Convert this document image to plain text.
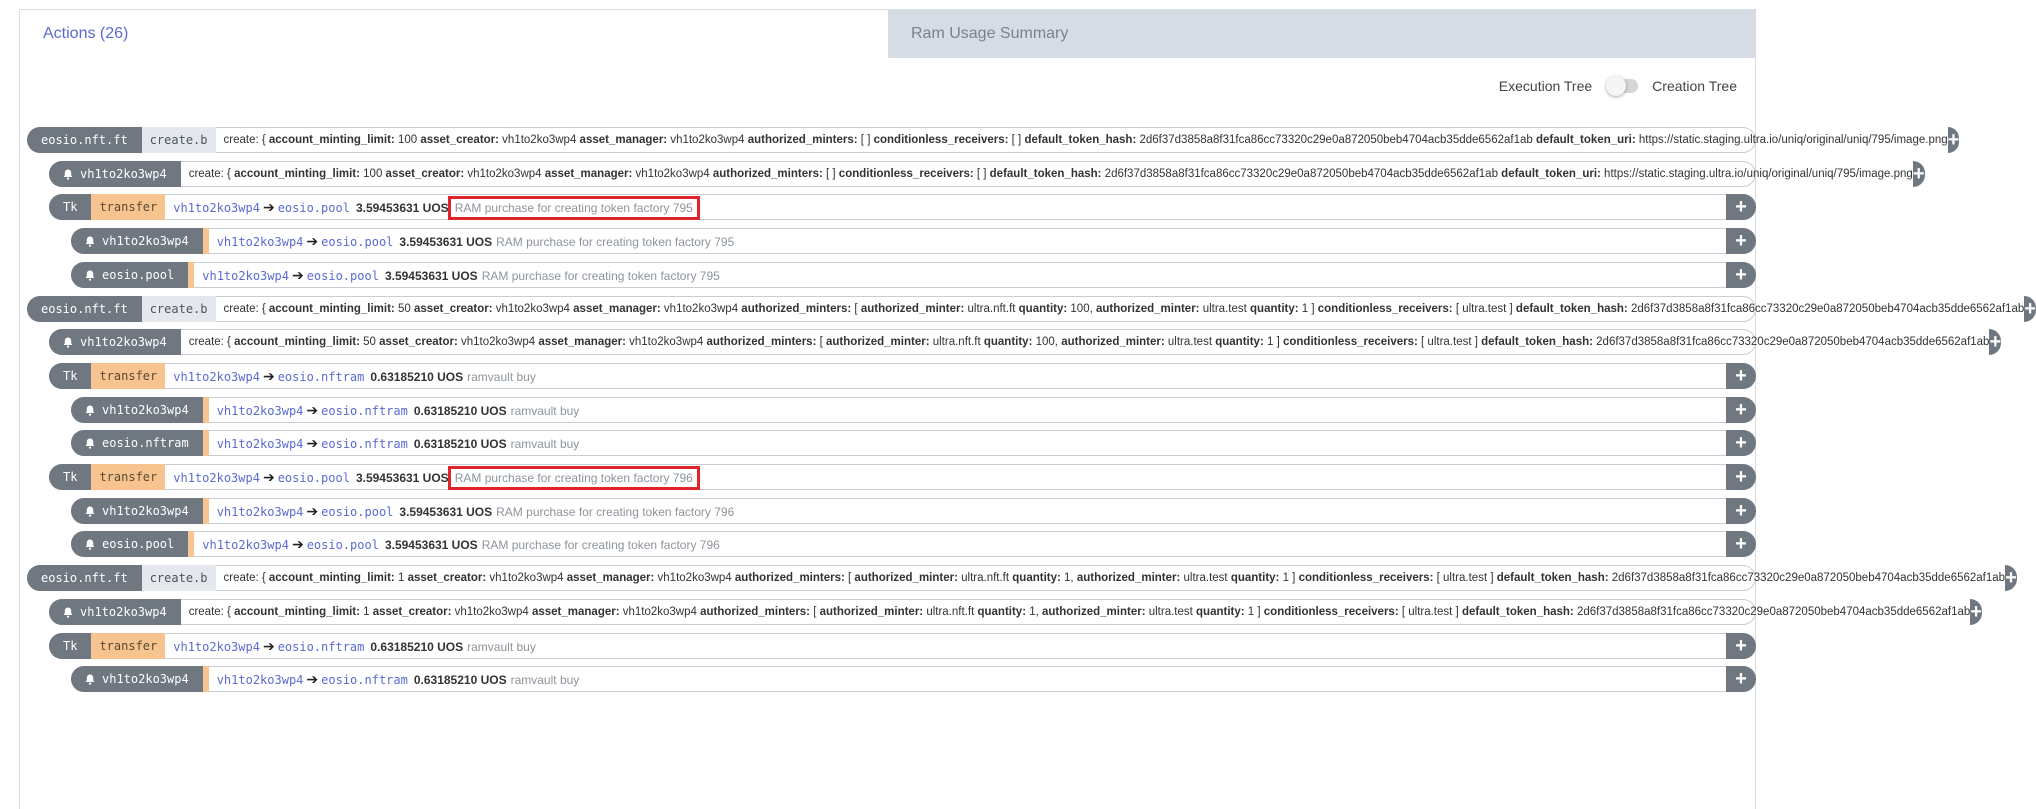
Actions (26)	Ram Usage Summary
Execution Tree	Creation Tree
eosio.nft.ft	create.b	create: { account_minting_limit: 100 asset_creator: vh1to2ko3wp4 asset_manager: vh1to2ko3wp4 authorized_minters: [ ] conditionless_receivers: [ ] default_token_hash: 2d6f37d3858a8f31fca86cc73320c29e0a872050beb4704acb35dde6562af1ab default_token_uri: https://static.staging.ultra.io/uniq/original/uniq/795/image.png +
vh1to2ko3wp4	create: { account_minting_limit: 100 asset_creator: vh1to2ko3wp4 asset_manager: vh1to2ko3wp4 authorized_minters: [ ] conditionless_receivers: [ ] default_token_hash: 2d6f37d3858a8f31fca86cc73320c29e0a872050beb4704acb35dde6562af1ab default_token_uri: https://static.staging.ultra.io/uniq/original/uniq/795/image.png +
Tk	transfer	vh1to2ko3wp4 ➔ eosio.pool 3.59453631 UOS RAM purchase for creating token factory 795	+
vh1to2ko3wp4	vh1to2ko3wp4 ➔ eosio.pool 3.59453631 UOS RAM purchase for creating token factory 795	+
eosio.pool	vh1to2ko3wp4 ➔ eosio.pool 3.59453631 UOS RAM purchase for creating token factory 795	+
eosio.nft.ft	create.b	create: { account_minting_limit: 50 asset_creator: vh1to2ko3wp4 asset_manager: vh1to2ko3wp4 authorized_minters: [ authorized_minter: ultra.nft.ft quantity: 100, authorized_minter: ultra.test quantity: 1 ] conditionless_receivers: [ ultra.test ] default_token_hash: 2d6f37d3858a8f31fca86cc73320c29e0a872050beb4704acb35dde6562af1ab +
vh1to2ko3wp4	create: { account_minting_limit: 50 asset_creator: vh1to2ko3wp4 asset_manager: vh1to2ko3wp4 authorized_minters: [ authorized_minter: ultra.nft.ft quantity: 100, authorized_minter: ultra.test quantity: 1 ] conditionless_receivers: [ ultra.test ] default_token_hash: 2d6f37d3858a8f31fca86cc73320c29e0a872050beb4704acb35dde6562af1ab +
Tk	transfer	vh1to2ko3wp4 ➔ eosio.nftram 0.63185210 UOS ramvault buy	+
vh1to2ko3wp4	vh1to2ko3wp4 ➔ eosio.nftram 0.63185210 UOS ramvault buy	+
eosio.nftram	vh1to2ko3wp4 ➔ eosio.nftram 0.63185210 UOS ramvault buy	+
Tk	transfer	vh1to2ko3wp4 ➔ eosio.pool 3.59453631 UOS RAM purchase for creating token factory 796	+
vh1to2ko3wp4	vh1to2ko3wp4 ➔ eosio.pool 3.59453631 UOS RAM purchase for creating token factory 796	+
eosio.pool	vh1to2ko3wp4 ➔ eosio.pool 3.59453631 UOS RAM purchase for creating token factory 796	+
eosio.nft.ft	create.b	create: { account_minting_limit: 1 asset_creator: vh1to2ko3wp4 asset_manager: vh1to2ko3wp4 authorized_minters: [ authorized_minter: ultra.nft.ft quantity: 1, authorized_minter: ultra.test quantity: 1 ] conditionless_receivers: [ ultra.test ] default_token_hash: 2d6f37d3858a8f31fca86cc73320c29e0a872050beb4704acb35dde6562af1ab +
vh1to2ko3wp4	create: { account_minting_limit: 1 asset_creator: vh1to2ko3wp4 asset_manager: vh1to2ko3wp4 authorized_minters: [ authorized_minter: ultra.nft.ft quantity: 1, authorized_minter: ultra.test quantity: 1 ] conditionless_receivers: [ ultra.test ] default_token_hash: 2d6f37d3858a8f31fca86cc73320c29e0a872050beb4704acb35dde6562af1ab +
Tk	transfer	vh1to2ko3wp4 ➔ eosio.nftram 0.63185210 UOS ramvault buy	+
vh1to2ko3wp4	vh1to2ko3wp4 ➔ eosio.nftram 0.63185210 UOS ramvault buy	+
